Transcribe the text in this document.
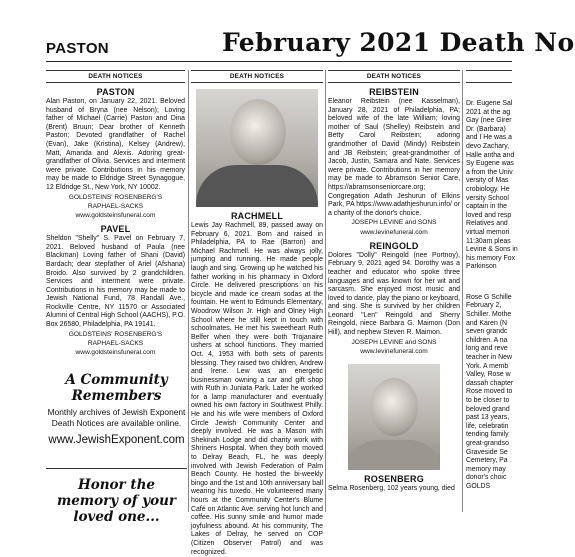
PASTON	February 2021 Death No
DEATH NOTICES
PASTON

Alan Paston, on January 22, 2021. Beloved husband of Bryna (nee Nelson); Loving father of Michael (Carrie) Paston and Dina (Brent) Bruun; Dear brother of Kenneth Paston; Devoted grandfather of Rachel (Evan), Jake (Kristina), Kelsey (Andrew), Matt, Amanda and Alexis. Adoring great-grandfather of Olivia. Services and interment were private. Contributions in his memory may be made to Eldridge Street Synagogue, 12 Eldridge St., New York, NY 10002.

GOLDSTEINS' ROSENBERG'S
RAPHAEL-SACKS
www.goldsteinsfuneral.com
PAVEL

Sheldon "Shelly" S. Pavel on February 7, 2021. Beloved husband of Paula (nee Blackman) Loving father of Shani (David) Bardach; dear stepfather of Ariel (Afshana) Broido. Also survived by 2 grandchildren. Services and interment were private. Contributions in his memory may be made to Jewish National Fund, 78 Randall Ave., Rockville Centre, NY 11570 or Associated Alumni of Central High School (AACHS), P.O. Box 26580, Philadelphia, PA 19141.

GOLDSTEINS' ROSENBERG'S
RAPHAEL-SACKS
www.goldsteinsfuneral.com
A Community Remembers
Monthly archives of Jewish Exponent Death Notices are available online.
www.JewishExponent.com
Honor the memory of your loved one...
DEATH NOTICES
RACHMELL

Lewis Jay Rachmell, 89, passed away on February 6, 2021. Born and raised in Philadelphia, PA to Rae (Barron) and Michael Rachmell. He was always jolly, jumping and running. He made people laugh and sing. Growing up he watched his father working in his pharmacy in Oxford Circle. He delivered prescriptions on his bicycle and made ice cream sodas at the fountain. He went to Edmunds Elementary, Woodrow Wilson Jr. High and Olney High School where he still kept in touch with schoolmates. He met his sweetheart Ruth Belfer when they were both Trojanaire ushers at school functions. They married Oct. 4, 1953 with both sets of parents blessing. They raised two children, Andrew and Irene. Lew was an energetic businessman owning a car and gift shop with Ruth in Juniata Park. Later he worked for a lamp manufacturer and eventually owned his own factory in Southwest Philly. He and his wife were members of Oxford Circle Jewish Community Center and deeply involved. He was a Mason with Shekinah Lodge and did charity work with Shriners Hospital. When they both moved to Delray Beach, FL, he was deeply involved with Jewish Federation of Palm Beach County. He hosted the bi-weekly bingo and the 1st and 10th anniversary ball wearing his tuxedo. He volunteered many hours at the Community Center's Blume Café on Atlantic Ave. serving hot lunch and coffee. His sunny smile and humor made joyfulness abound. At his community, The Lakes of Delray, he served on COP (Citizen Observer Patrol) and was recognized.

DEATH NOTICES
REIBSTEIN

Eleanor Reibstein (nee Kasselman), January 28, 2021 of Philadelphia, PA; beloved wife of the late William; loving mother of Saul (Shelley) Reibstein and Betty Carol Reibstein; adoring grandmother of David (Mindy) Reibstein and JB Reibstein; great-grandmother of Jacob, Justin, Samara and Nate. Services were private. Contributions in her memory may be made to Abramson Senior Care, https://abramsonseniorcare.org; Congregation Adath Jeshurun of Elkins Park, PA https://www.adathjeshurun.info/ or a charity of the donor's choice.

JOSEPH LEVINE and SONS
www.levinefuneral.com
REINGOLD

Dolores "Dolly" Reingold (nee Portnoy), February 9, 2021 aged 94. Dorothy was a teacher and educator who spoke three languages and was known for her wit and sarcasm. She enjoyed most music and loved to dance, play the piano or keyboard, and sing. She is survived by her children Leonard "Len" Reingold and Sherry Reingold, niece Barbara G. Maimon (Don Hill), and nephew Steven R. Maimon.

JOSEPH LEVINE and SONS
www.levinefuneral.com
ROSENBERG

Selma Rosenberg, 102 years young, died

Dr. Eugene Sal 2021 at the ag Gay (nee Girer Dr. (Barbara) and I He was a devo Zachary, Halle antha and Sy Eugene was a from the Univ versity of Mas crobiology. He versity School captain in the loved and resp Relatives and virtual memori 11:30am pleas Levine & Sons in his memory Fox Parkinson

Rose G Schille February 2, Schiller. Mothe and Karen (N seven grandc children. A na long and reve teacher in New York. A memb Valley, Rose w dassah chapter Rose moved to to be closer to beloved grand past 13 years, life, celebratin tending family great-grandso Graveside Se Cemetery, Pa memory may donor's choic GOLDS
